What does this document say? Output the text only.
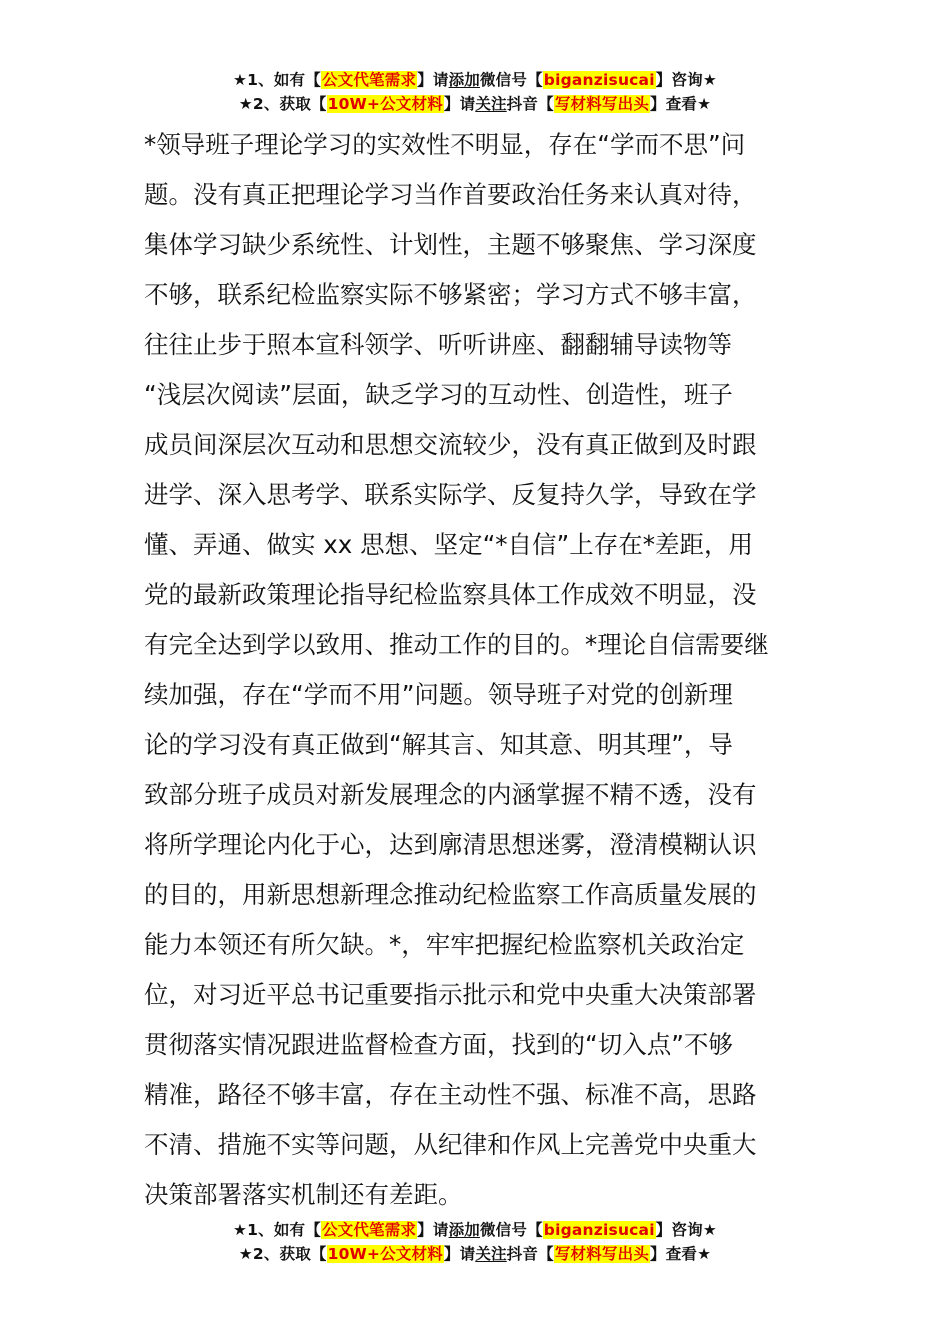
★1、如有【公文代笔需求】请添加微信号【biganzisucai】咨询★
★2、获取【10W+公文材料】请关注抖音【写材料写出头】查看★
*领导班子理论学习的实效性不明显，存在“学而不思”问
题。没有真正把理论学习当作首要政治任务来认真对待，
集体学习缺少系统性、计划性，主题不够聚焦、学习深度
不够，联系纪检监察实际不够紧密；学习方式不够丰富，
往往止步于照本宣科领学、听听讲座、翻翻辅导读物等
“浅层次阅读”层面，缺乏学习的互动性、创造性，班子
成员间深层次互动和思想交流较少，没有真正做到及时跟
进学、深入思考学、联系实际学、反复持久学，导致在学
懂、弄通、做实 xx 思想、坚定“*自信”上存在*差距，用
党的最新政策理论指导纪检监察具体工作成效不明显，没
有完全达到学以致用、推动工作的目的。*理论自信需要继
续加强，存在“学而不用”问题。领导班子对党的创新理
论的学习没有真正做到“解其言、知其意、明其理”，导
致部分班子成员对新发展理念的内涵掌握不精不透，没有
将所学理论内化于心，达到廓清思想迷雾，澄清模糊认识
的目的，用新思想新理念推动纪检监察工作高质量发展的
能力本领还有所欠缺。*，牢牢把握纪检监察机关政治定
位，对习近平总书记重要指示批示和党中央重大决策部署
贯彻落实情况跟进监督检查方面，找到的“切入点”不够
精准，路径不够丰富，存在主动性不强、标准不高，思路
不清、措施不实等问题，从纪律和作风上完善党中央重大
决策部署落实机制还有差距。
★1、如有【公文代笔需求】请添加微信号【biganzisucai】咨询★
★2、获取【10W+公文材料】请关注抖音【写材料写出头】查看★
